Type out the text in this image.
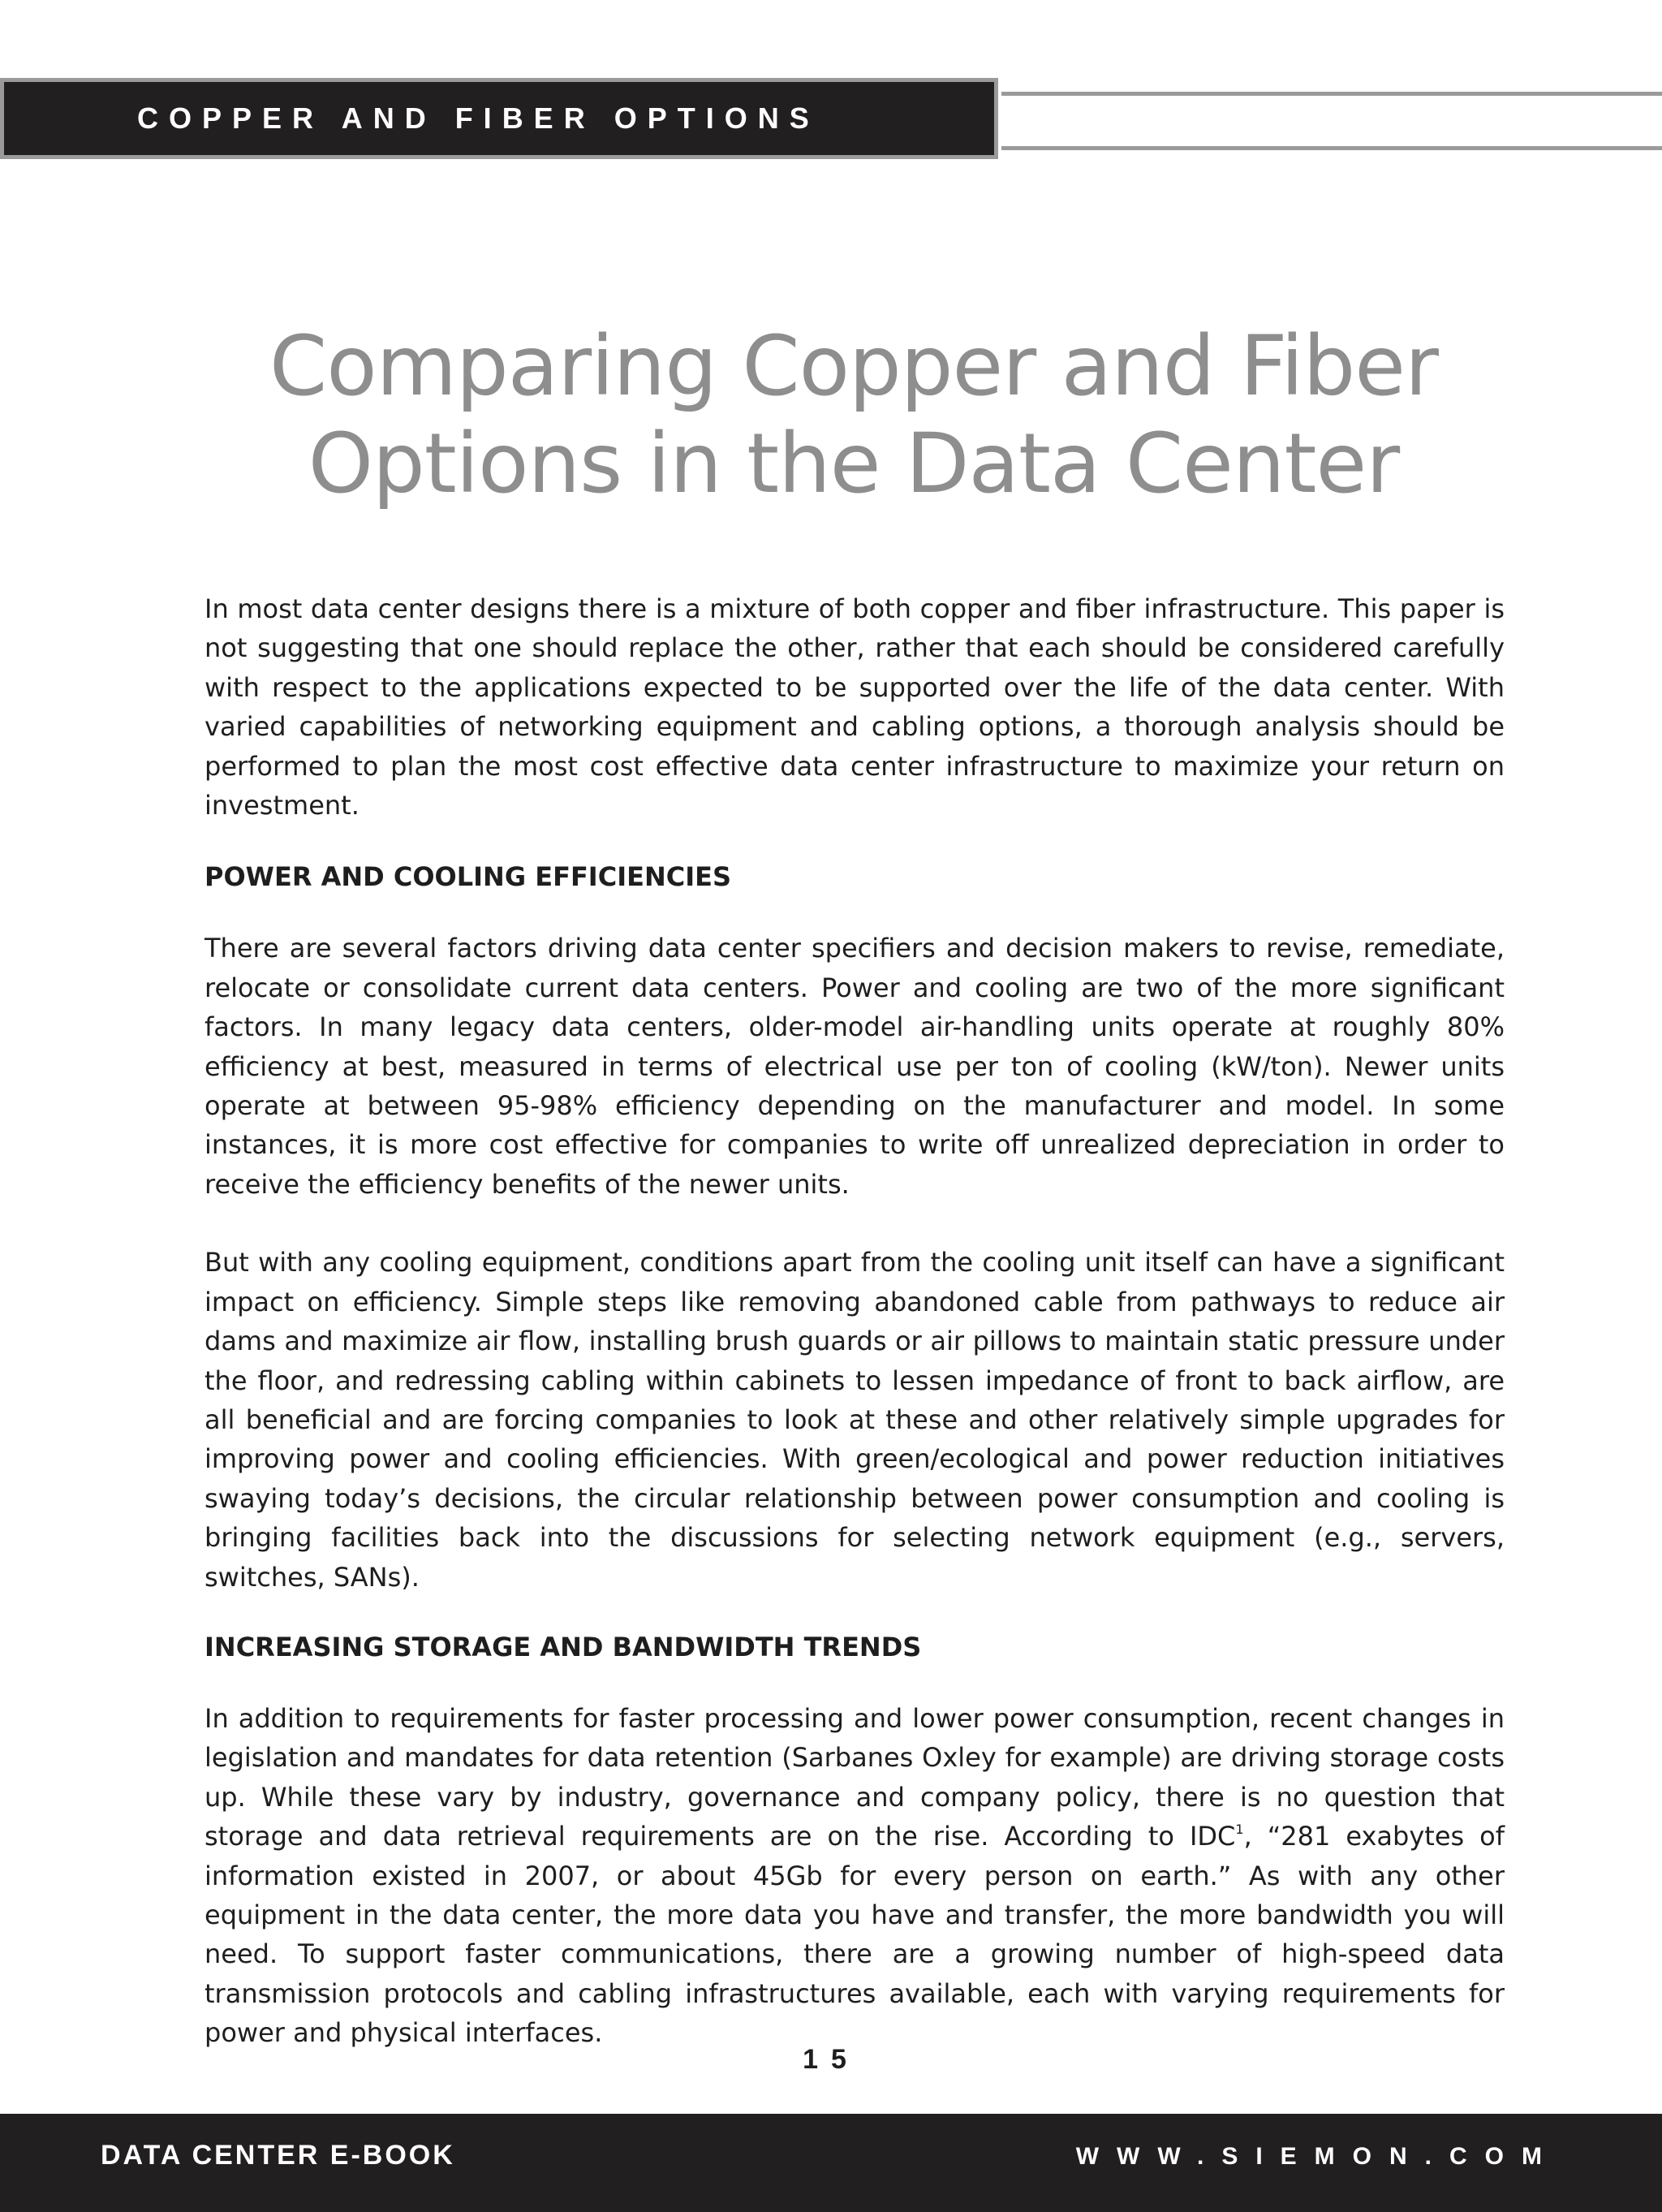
COPPER AND FIBER OPTIONS
Comparing Copper and Fiber
Options in the Data Center

In most data center designs there is a mixture of both copper and fiber infrastructure. This paper is not suggesting that one should replace the other, rather that each should be considered carefully with respect to the applications expected to be supported over the life of the data center. With varied capabilities of networking equipment and cabling options, a thorough analysis should be performed to plan the most cost effective data center infrastructure to maximize your return on investment.

POWER AND COOLING EFFICIENCIES

There are several factors driving data center specifiers and decision makers to revise, remediate, relocate or consolidate current data centers. Power and cooling are two of the more significant factors. In many legacy data centers, older-model air-handling units operate at roughly 80% efficiency at best, measured in terms of electrical use per ton of cooling (kW/ton). Newer units operate at between 95-98% efficiency depending on the manufacturer and model. In some instances, it is more cost effective for companies to write off unrealized depreciation in order to receive the efficiency benefits of the newer units.

But with any cooling equipment, conditions apart from the cooling unit itself can have a significant impact on efficiency. Simple steps like removing abandoned cable from pathways to reduce air dams and maximize air flow, installing brush guards or air pillows to maintain static pressure under the floor, and redressing cabling within cabinets to lessen impedance of front to back airflow, are all beneficial and are forcing companies to look at these and other relatively simple upgrades for improving power and cooling efficiencies. With green/ecological and power reduction initiatives swaying today’s decisions, the circular relationship between power consumption and cooling is bringing facilities back into the discussions for selecting network equipment (e.g., servers, switches, SANs).

INCREASING STORAGE AND BANDWIDTH TRENDS

In addition to requirements for faster processing and lower power consumption, recent changes in legislation and mandates for data retention (Sarbanes Oxley for example) are driving storage costs up. While these vary by industry, governance and company policy, there is no question that storage and data retrieval requirements are on the rise. According to IDC$^1$, “281 exabytes of information existed in 2007, or about 45Gb for every person on earth.” As with any other equipment in the data center, the more data you have and transfer, the more bandwidth you will need. To support faster communications, there are a growing number of high-speed data transmission protocols and cabling infrastructures available, each with varying requirements for power and physical interfaces.

15
DATA CENTER E-BOOK	WWW.SIEMON.COM
